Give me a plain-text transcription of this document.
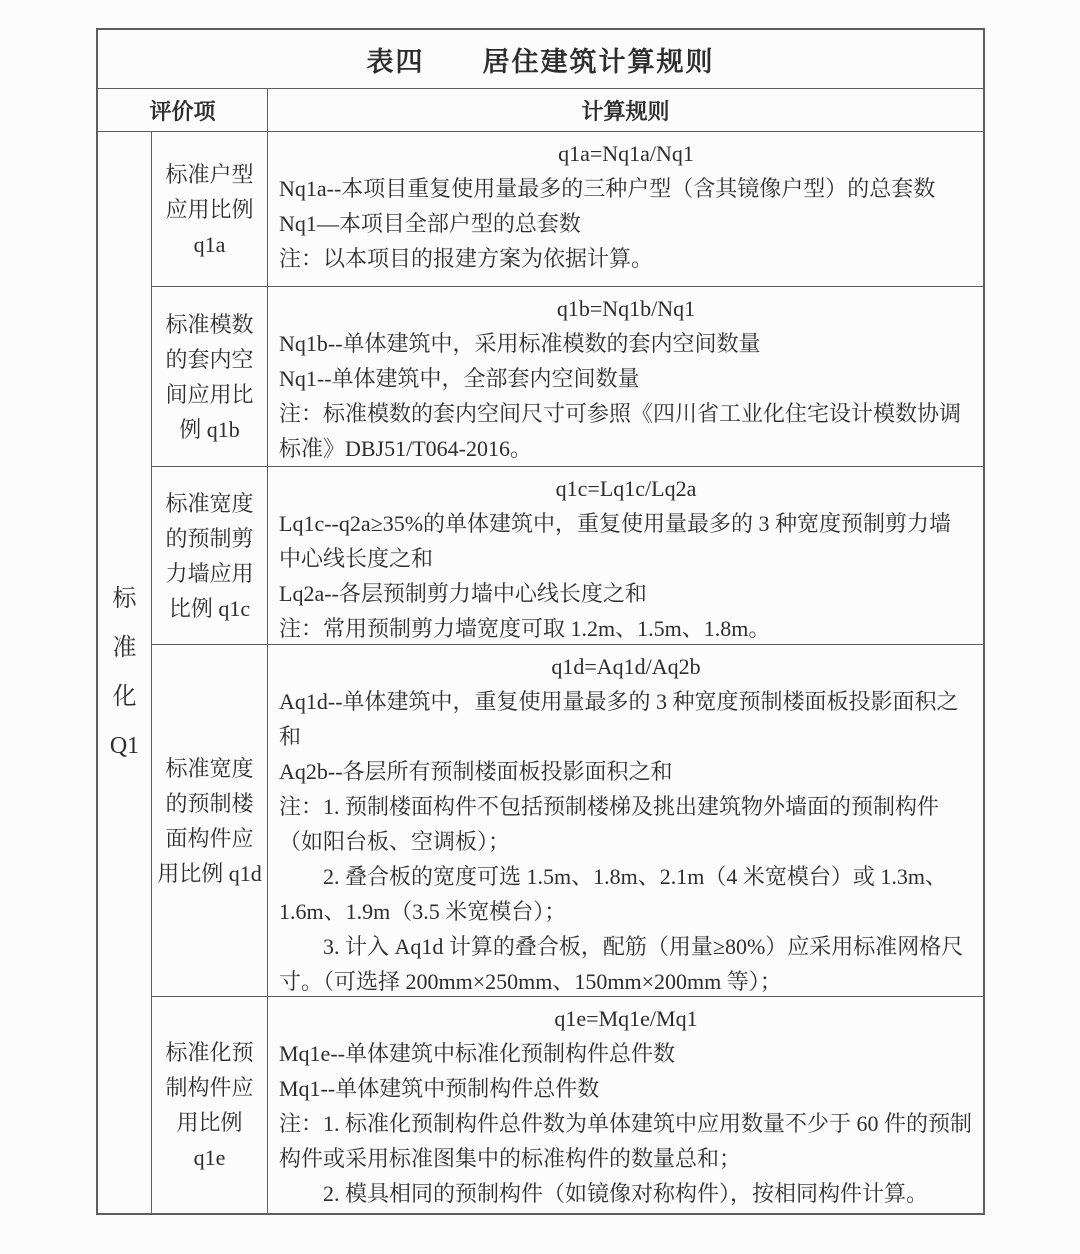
表四　　居住建筑计算规则
评价项	计算规则
标
准
化
Q1
标准户型
应用比例
q1a
q1a=Nq1a/Nq1
Nq1a--本项目重复使用量最多的三种户型（含其镜像户型）的总套数
Nq1—本项目全部户型的总套数
注：以本项目的报建方案为依据计算。
标准模数
的套内空
间应用比
例 q1b
q1b=Nq1b/Nq1
Nq1b--单体建筑中，采用标准模数的套内空间数量
Nq1--单体建筑中，全部套内空间数量
注：标准模数的套内空间尺寸可参照《四川省工业化住宅设计模数协调标准》DBJ51/T064-2016。
标准宽度
的预制剪
力墙应用
比例 q1c
q1c=Lq1c/Lq2a
Lq1c--q2a≥35%的单体建筑中，重复使用量最多的 3 种宽度预制剪力墙中心线长度之和
Lq2a--各层预制剪力墙中心线长度之和
注：常用预制剪力墙宽度可取 1.2m、1.5m、1.8m。
标准宽度
的预制楼
面构件应
用比例 q1d
q1d=Aq1d/Aq2b
Aq1d--单体建筑中，重复使用量最多的 3 种宽度预制楼面板投影面积之和
Aq2b--各层所有预制楼面板投影面积之和
注：1. 预制楼面构件不包括预制楼梯及挑出建筑物外墙面的预制构件（如阳台板、空调板）；
2. 叠合板的宽度可选 1.5m、1.8m、2.1m（4 米宽模台）或 1.3m、1.6m、1.9m（3.5 米宽模台）；
3. 计入 Aq1d 计算的叠合板，配筋（用量≥80%）应采用标准网格尺寸。（可选择 200mm×250mm、150mm×200mm 等）；
标准化预
制构件应
用比例
q1e
q1e=Mq1e/Mq1
Mq1e--单体建筑中标准化预制构件总件数
Mq1--单体建筑中预制构件总件数
注：1. 标准化预制构件总件数为单体建筑中应用数量不少于 60 件的预制构件或采用标准图集中的标准构件的数量总和；
2. 模具相同的预制构件（如镜像对称构件），按相同构件计算。
